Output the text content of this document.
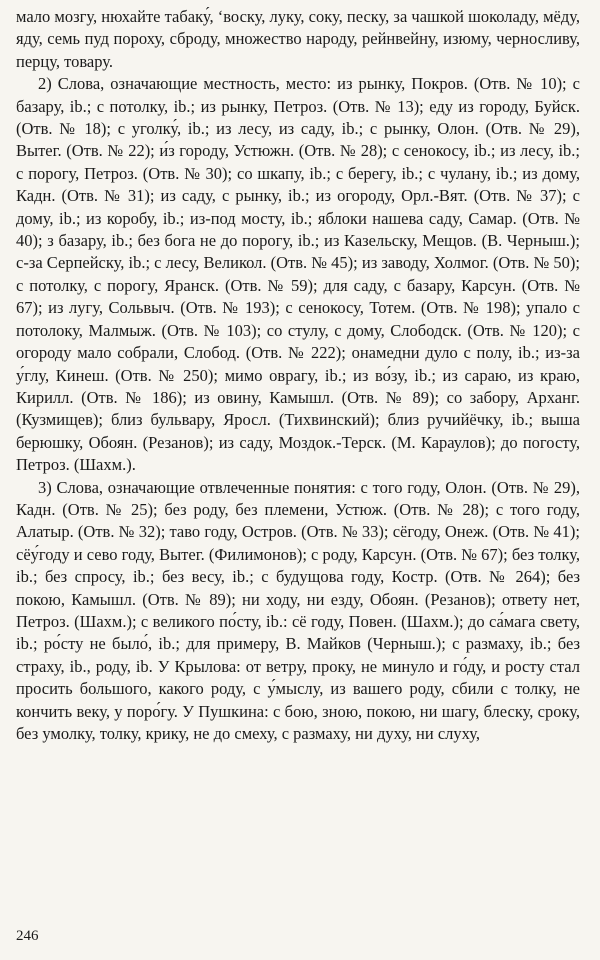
мало мозгу, нюхайте табаку́, ‘воску, луку, соку, песку, за чашкой шоколаду, мёду, яду, семь пуд пороху, сброду, множество народу, рейнвейну, изюму, черносливу, перцу, товару.

2) Слова, означающие местность, место: из рынку, Покров. (Отв. № 10); с базару, ib.; с потолку, ib.; из рынку, Петроз. (Отв. № 13); еду из городу, Буйск. (Отв. № 18); с уголку́, ib.; из лесу, из саду, ib.; с рынку, Олон. (Отв. № 29), Вытег. (Отв. № 22); и́з городу, Устюжн. (Отв. № 28); с сенокосу, ib.; из лесу, ib.; с порогу, Петроз. (Отв. № 30); со шкапу, ib.; с берегу, ib.; с чулану, ib.; из дому, Кадн. (Отв. № 31); из саду, с рынку, ib.; из огороду, Орл.-Вят. (Отв. № 37); с дому, ib.; из коробу, ib.; из-под мосту, ib.; яблоки нашева саду, Самар. (Отв. № 40); з базару, ib.; без бога не до порогу, ib.; из Казельску, Мещов. (В. Черныш.); с-за Серпейску, ib.; с лесу, Великол. (Отв. № 45); из заводу, Холмог. (Отв. № 50); с потолку, с порогу, Яранск. (Отв. № 59); для саду, с базару, Карсун. (Отв. № 67); из лугу, Сольвыч. (Отв. № 193); с сенокосу, Тотем. (Отв. № 198); упало с потолоку, Малмыж. (Отв. № 103); со стулу, с дому, Слободск. (Отв. № 120); с огороду мало собрали, Слобод. (Отв. № 222); онамедни дуло с полу, ib.; из-за у́глу, Кинеш. (Отв. № 250); мимо оврагу, ib.; из во́зу, ib.; из сараю, из краю, Кирилл. (Отв. № 186); из овину, Камышл. (Отв. № 89); со забору, Арханг. (Кузмищев); близ бульвару, Яросл. (Тихвинский); близ ручийёчку, ib.; выша берюшку, Обоян. (Резанов); из саду, Моздок.-Терск. (М. Караулов); до погосту, Петроз. (Шахм.).

3) Слова, означающие отвлеченные понятия: с того году, Олон. (Отв. № 29), Кадн. (Отв. № 25); без роду, без племени, Устюж. (Отв. № 28); с того году, Алатыр. (Отв. № 32); таво году, Остров. (Отв. № 33); сёгоду, Онеж. (Отв. № 41); сёу́году и сево году, Вытег. (Филимонов); с роду, Карсун. (Отв. № 67); без толку, ib.; без спросу, ib.; без весу, ib.; с будущова году, Костр. (Отв. № 264); без покою, Камышл. (Отв. № 89); ни ходу, ни езду, Обоян. (Резанов); ответу нет, Петроз. (Шахм.); с великого по́сту, ib.: сё году, Повен. (Шахм.); до са́мага свету, ib.; ро́сту не было́, ib.; для примеру, В. Майков (Черныш.); с размаху, ib.; без страху, ib., роду, ib. У Крылова: от ветру, проку, не минуло и го́ду, и росту стал просить большого, какого роду, с у́мыслу, из вашего роду, сбили с толку, не кончить веку, у поро́гу. У Пушкина: с бою, зною, покою, ни шагу, блеску, сроку, без умолку, толку, крику, не до смеху, с размаху, ни духу, ни слуху,

246
